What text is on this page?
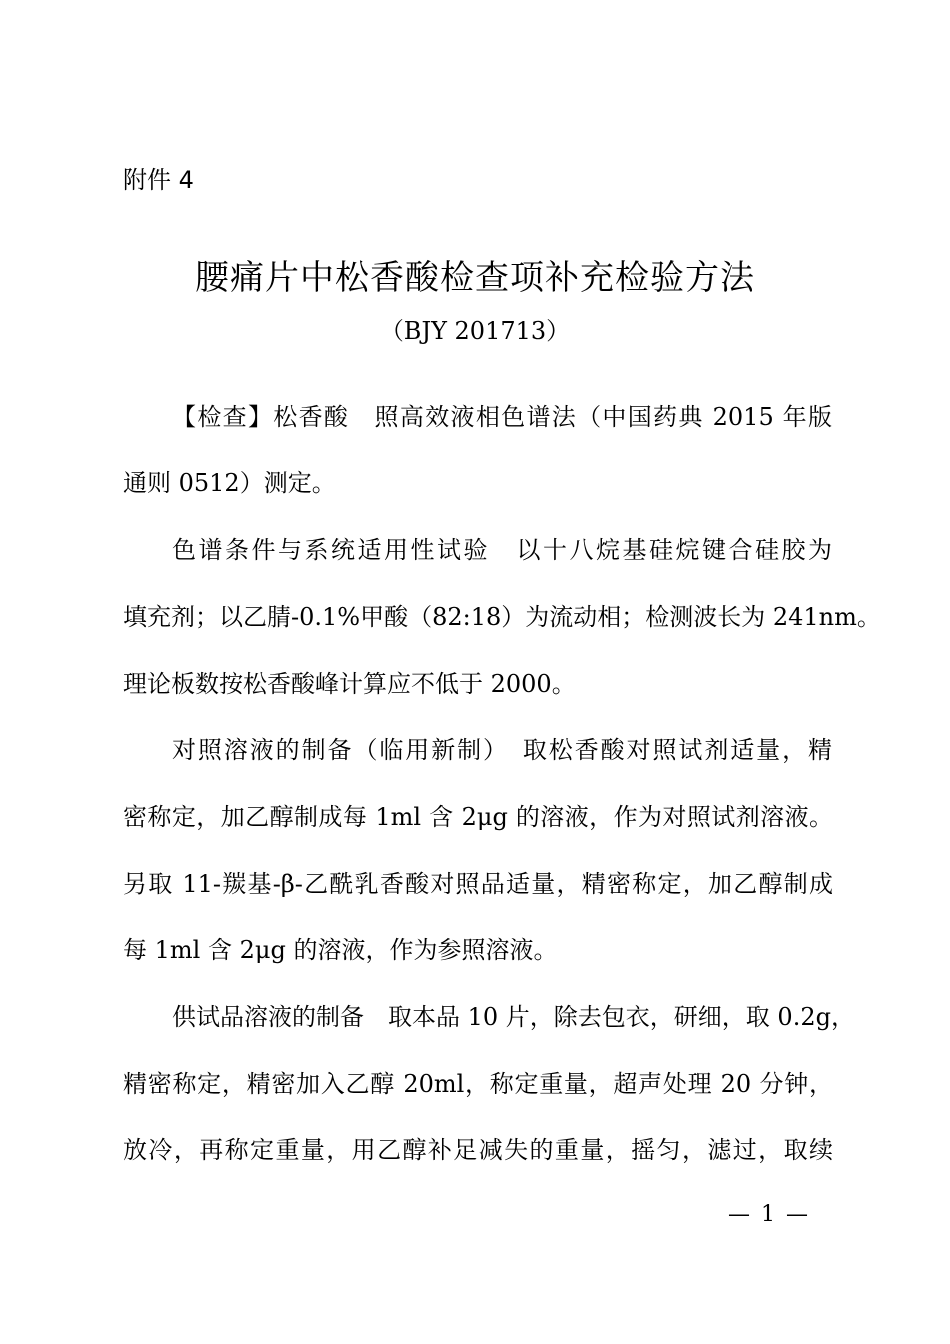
附件 4
腰痛片中松香酸检查项补充检验方法
（BJY 201713）
【检查】松香酸　照高效液相色谱法（中国药典 2015 年版
通则 0512）测定。
色谱条件与系统适用性试验　以十八烷基硅烷键合硅胶为
填充剂；以乙腈-0.1%甲酸（82:18）为流动相；检测波长为 241nm。
理论板数按松香酸峰计算应不低于 2000。
对照溶液的制备（临用新制）　取松香酸对照试剂适量，精
密称定，加乙醇制成每 1ml 含 2μg 的溶液，作为对照试剂溶液。
另取 11-羰基-β-乙酰乳香酸对照品适量，精密称定，加乙醇制成
每 1ml 含 2μg 的溶液，作为参照溶液。
供试品溶液的制备　取本品 10 片，除去包衣，研细，取 0.2g，
精密称定，精密加入乙醇 20ml，称定重量，超声处理 20 分钟，
放冷，再称定重量，用乙醇补足减失的重量，摇匀，滤过，取续
— 1 —
